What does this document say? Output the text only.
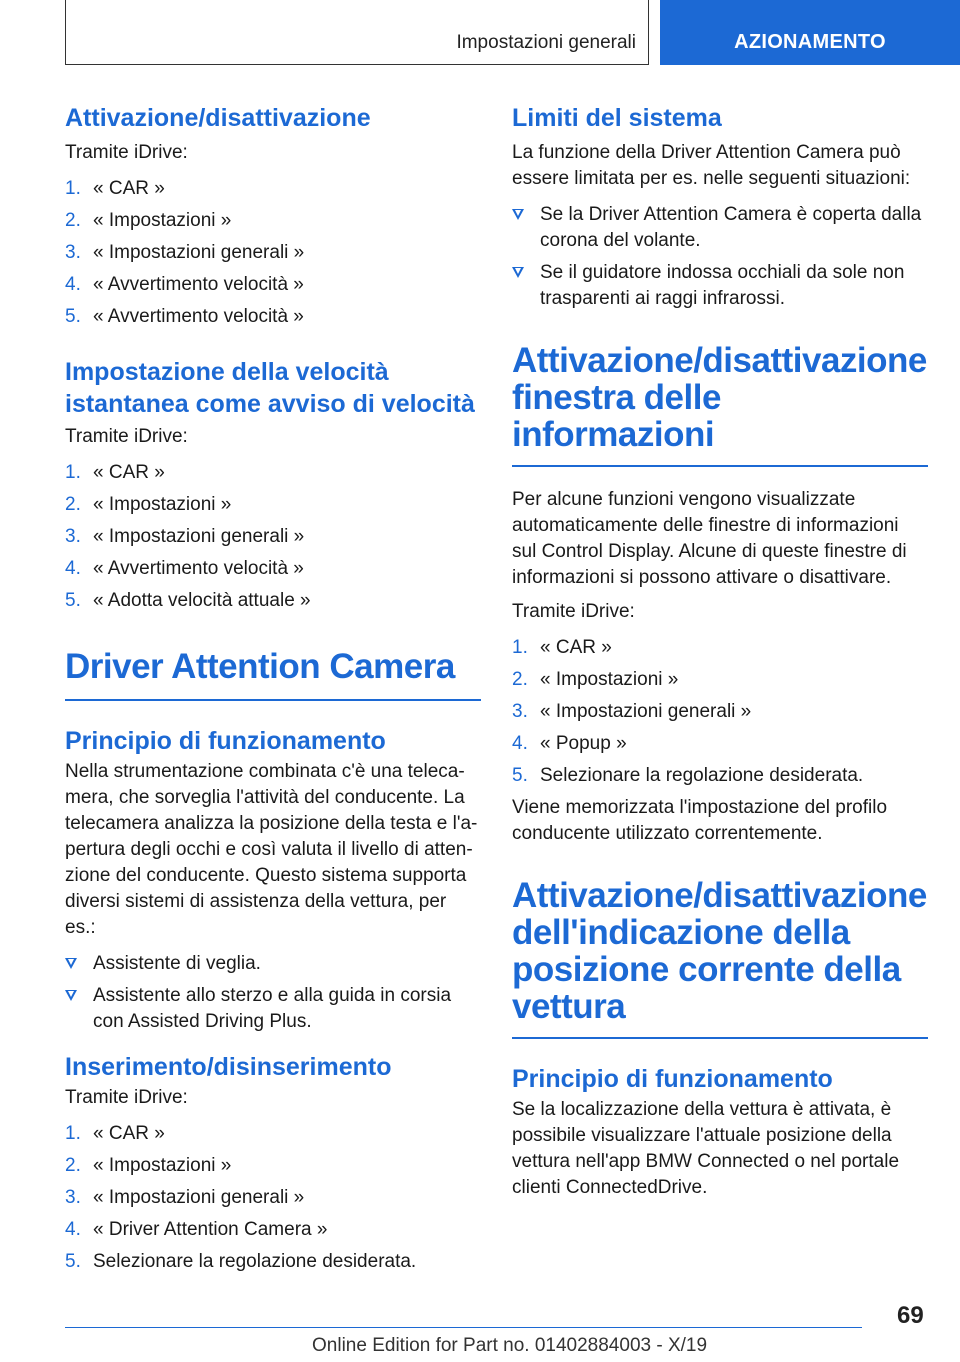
Impostazioni generali	AZIONAMENTO
Attivazione/disattivazione

Tramite iDrive:

1. « CAR »
2. « Impostazioni »
3. « Impostazioni generali »
4. « Avvertimento velocità »
5. « Avvertimento velocità »
Impostazione della velocità istantanea come avviso di velocità

Tramite iDrive:

1. « CAR »
2. « Impostazioni »
3. « Impostazioni generali »
4. « Avvertimento velocità »
5. « Adotta velocità attuale »
Driver Attention Camera
Principio di funzionamento

Nella strumentazione combinata c'è una telecamera, che sorveglia l'attività del conducente. La telecamera analizza la posizione della testa e l'apertura degli occhi e così valuta il livello di attenzione del conducente. Questo sistema supporta diversi sistemi di assistenza della vettura, per es.:

Assistente di veglia.
Assistente allo sterzo e alla guida in corsia con Assisted Driving Plus.
Inserimento/disinserimento

Tramite iDrive:

1. « CAR »
2. « Impostazioni »
3. « Impostazioni generali »
4. « Driver Attention Camera »
5. Selezionare la regolazione desiderata.
Limiti del sistema

La funzione della Driver Attention Camera può essere limitata per es. nelle seguenti situazioni:

Se la Driver Attention Camera è coperta dalla corona del volante.
Se il guidatore indossa occhiali da sole non trasparenti ai raggi infrarossi.
Attivazione/disattivazione finestra delle informazioni

Per alcune funzioni vengono visualizzate automaticamente delle finestre di informazioni sul Control Display. Alcune di queste finestre di informazioni si possono attivare o disattivare.

Tramite iDrive:

1. « CAR »
2. « Impostazioni »
3. « Impostazioni generali »
4. « Popup »
5. Selezionare la regolazione desiderata.

Viene memorizzata l'impostazione del profilo conducente utilizzato correntemente.

Attivazione/disattivazione dell'indicazione della posizione corrente della vettura
Principio di funzionamento

Se la localizzazione della vettura è attivata, è possibile visualizzare l'attuale posizione della vettura nell'app BMW Connected o nel portale clienti ConnectedDrive.

69
Online Edition for Part no. 01402884003 - X/19
